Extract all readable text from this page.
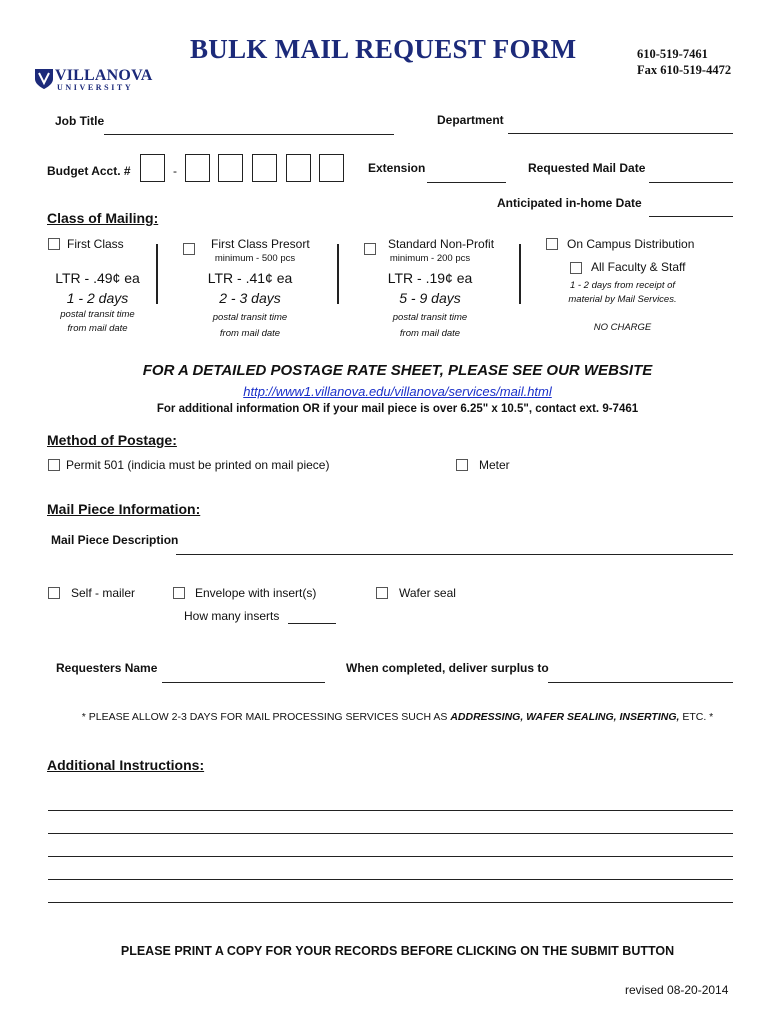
VILLANOVA
UNIVERSITY
BULK MAIL REQUEST FORM	610-519-7461
Fax 610-519-4472
Job Title	Department
Budget Acct. #	-	Extension	Requested Mail Date
Anticipated in-home Date
Class of Mailing:
First Class
LTR - .49¢ ea
1 - 2 days
postal transit time
from mail date
First Class Presort
minimum - 500 pcs
LTR - .41¢ ea
2 - 3 days
postal transit time
from mail date
Standard Non-Profit
minimum - 200 pcs
LTR - .19¢ ea
5 - 9 days
postal transit time
from mail date
On Campus Distribution
All Faculty & Staff
1 - 2 days from receipt of
material by Mail Services.
NO CHARGE
FOR A DETAILED POSTAGE RATE SHEET, PLEASE SEE OUR WEBSITE
http://www1.villanova.edu/villanova/services/mail.html
For additional information OR if your mail piece is over 6.25" x 10.5", contact ext. 9-7461
Method of Postage:
Permit 501 (indicia must be printed on mail piece)	Meter
Mail Piece Information:
Mail Piece Description
Self - mailer	Envelope with insert(s)	Wafer seal
How many inserts
Requesters Name	When completed, deliver surplus to
* PLEASE ALLOW 2-3 DAYS FOR MAIL PROCESSING SERVICES SUCH AS ADDRESSING, WAFER SEALING, INSERTING, ETC. *
Additional Instructions:
PLEASE PRINT A COPY FOR YOUR RECORDS BEFORE CLICKING ON THE SUBMIT BUTTON
revised 08-20-2014
